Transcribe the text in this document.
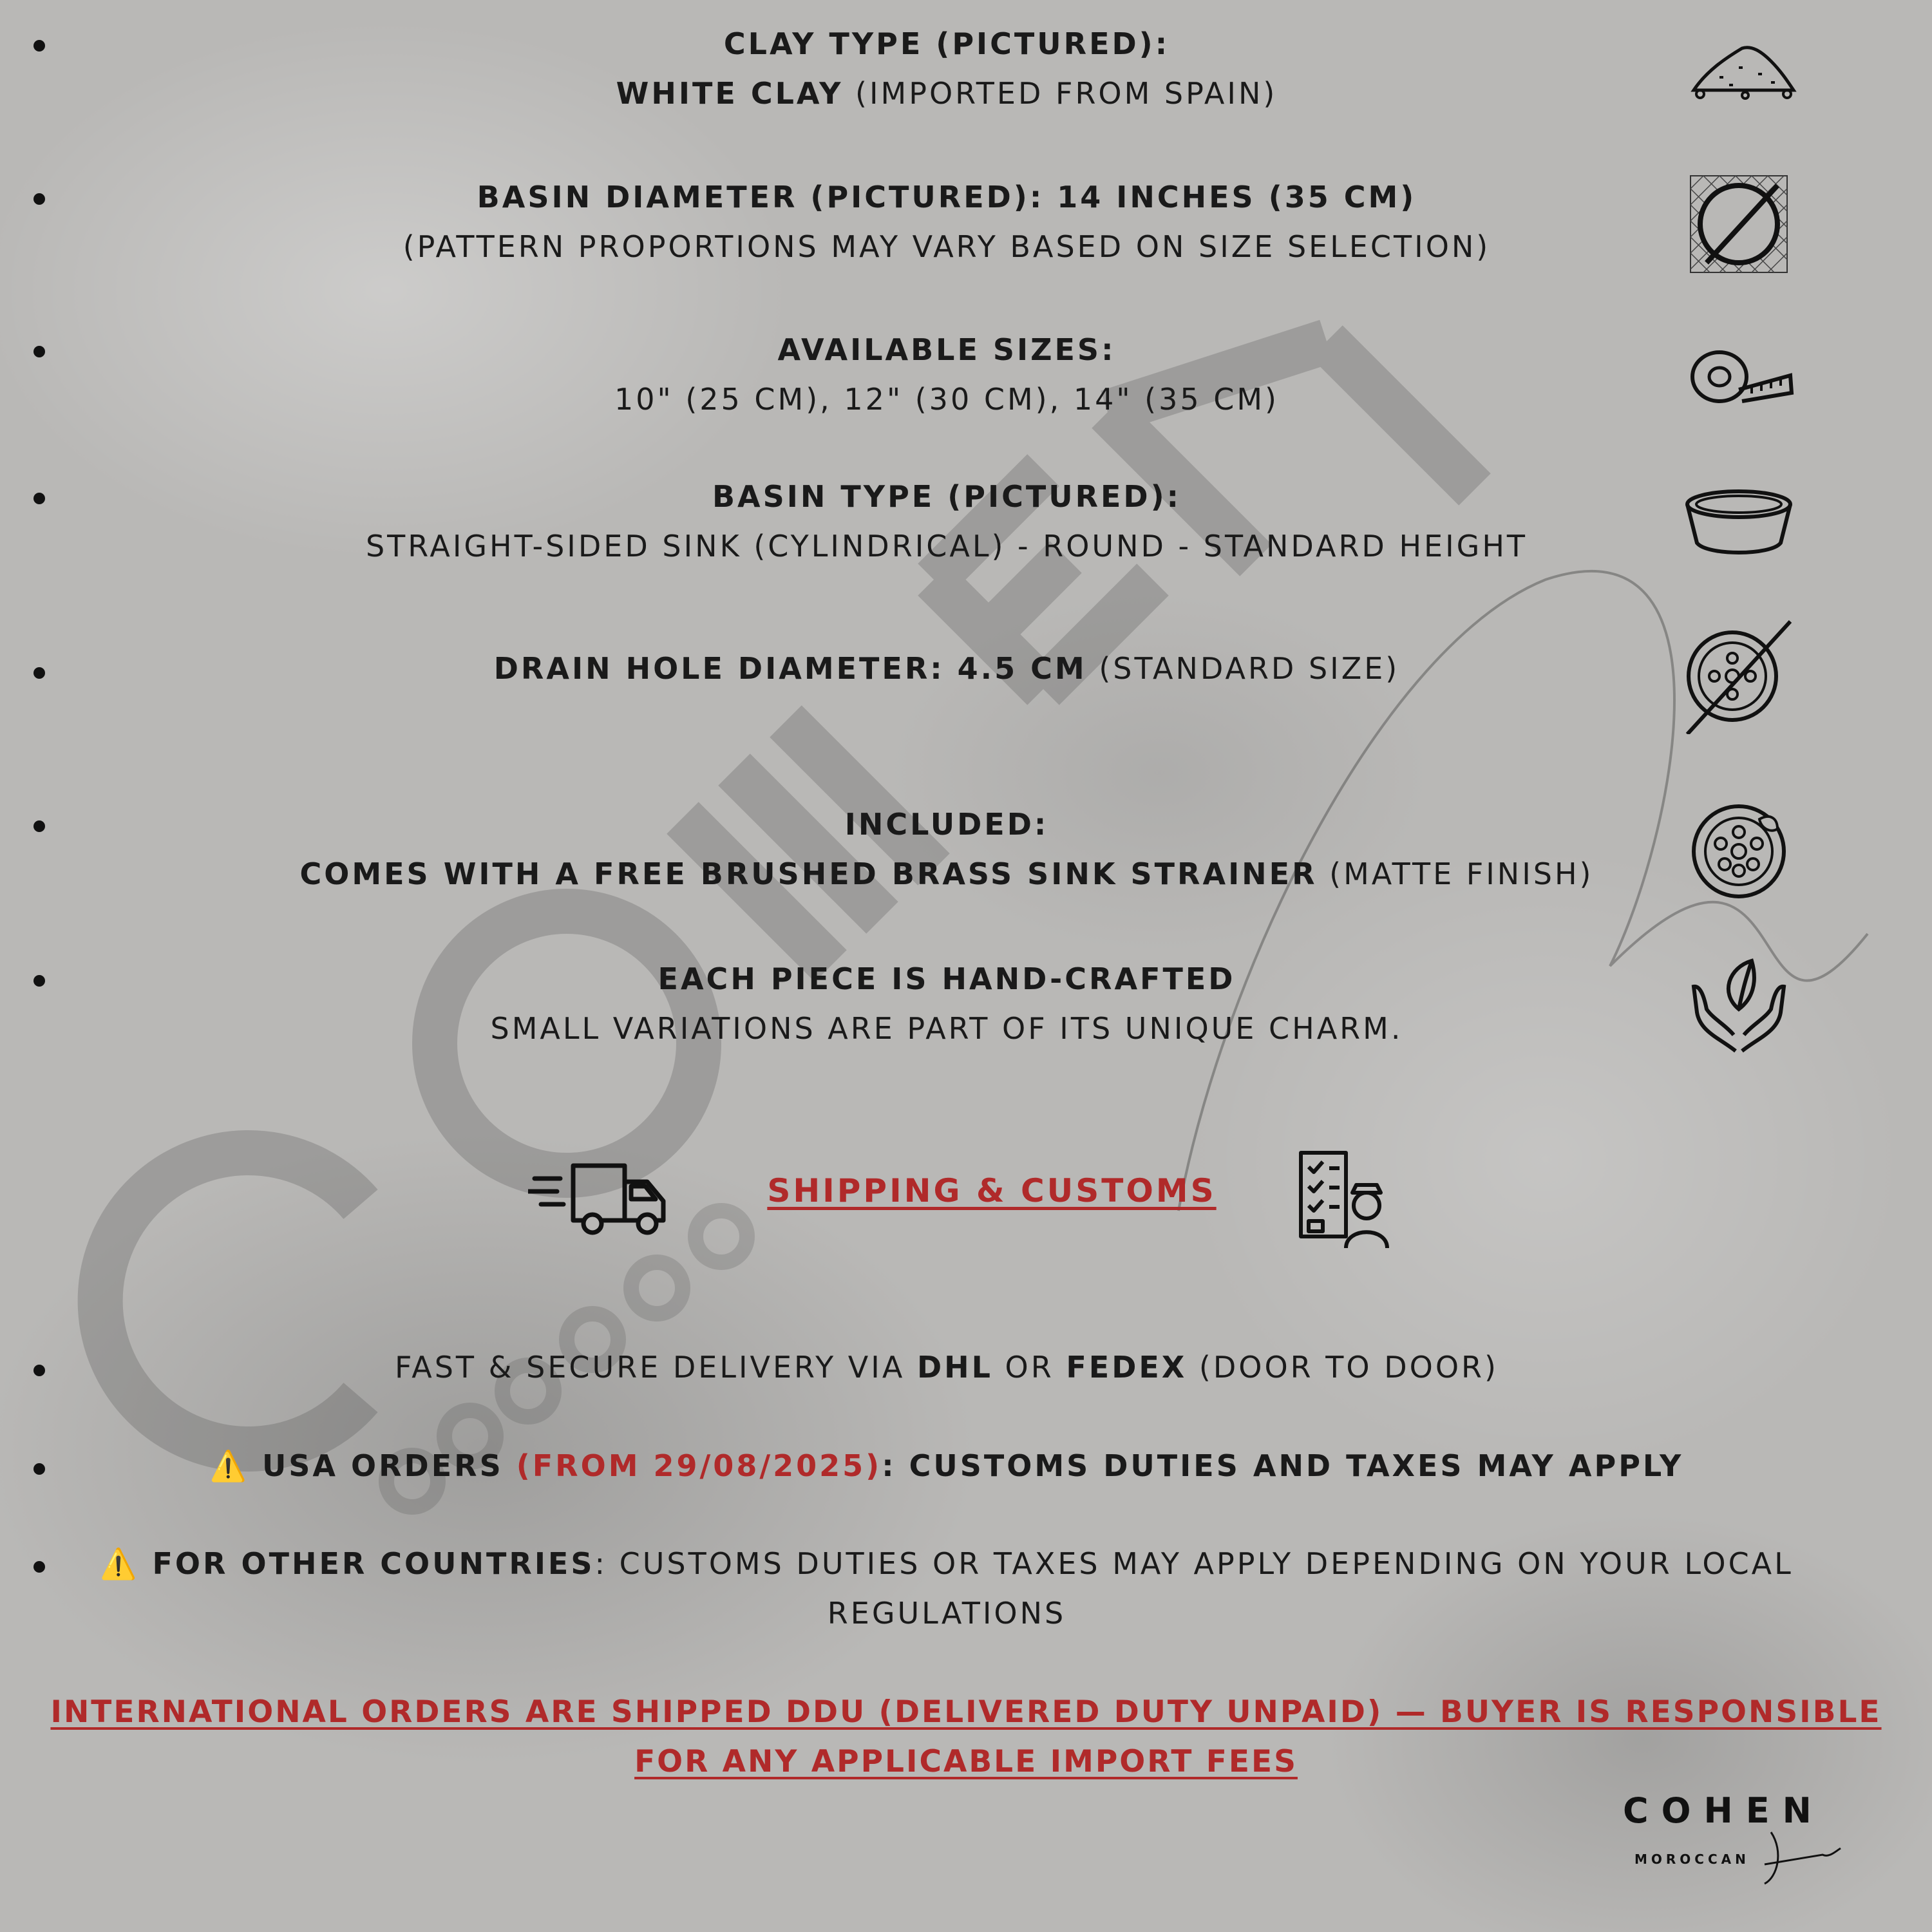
CLAY TYPE (PICTURED):
WHITE CLAY (IMPORTED FROM SPAIN)
BASIN DIAMETER (PICTURED): 14 INCHES (35 CM)
(PATTERN PROPORTIONS MAY VARY BASED ON SIZE SELECTION)
AVAILABLE SIZES:
10" (25 CM), 12" (30 CM), 14" (35 CM)
BASIN TYPE (PICTURED):
STRAIGHT-SIDED SINK (CYLINDRICAL) - ROUND - STANDARD HEIGHT
DRAIN HOLE DIAMETER: 4.5 CM (STANDARD SIZE)
INCLUDED:
COMES WITH A FREE BRUSHED BRASS SINK STRAINER (MATTE FINISH)
EACH PIECE IS HAND-CRAFTED
SMALL VARIATIONS ARE PART OF ITS UNIQUE CHARM.
SHIPPING & CUSTOMS
FAST & SECURE DELIVERY VIA DHL OR FEDEX (DOOR TO DOOR)
⚠️ USA ORDERS (FROM 29/08/2025): CUSTOMS DUTIES AND TAXES MAY APPLY
⚠️ FOR OTHER COUNTRIES: CUSTOMS DUTIES OR TAXES MAY APPLY DEPENDING ON YOUR LOCAL
REGULATIONS
INTERNATIONAL ORDERS ARE SHIPPED DDU (DELIVERED DUTY UNPAID) — BUYER IS RESPONSIBLE FOR ANY APPLICABLE IMPORT FEES
COHEN
MOROCCAN
